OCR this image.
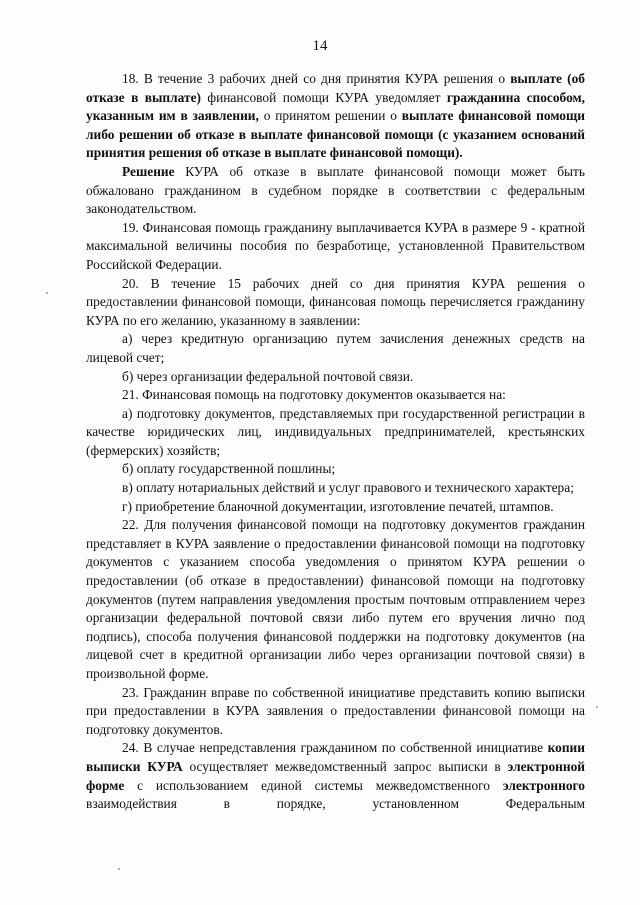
14

18. В течение 3 рабочих дней со дня принятия КУРА решения о выплате (об отказе в выплате) финансовой помощи КУРА уведомляет гражданина способом, указанным им в заявлении, о принятом решении о выплате финансовой помощи либо решении об отказе в выплате финансовой помощи (с указанием оснований принятия решения об отказе в выплате финансовой помощи).

Решение КУРА об отказе в выплате финансовой помощи может быть обжаловано гражданином в судебном порядке в соответствии с федеральным законодательством.

19. Финансовая помощь гражданину выплачивается КУРА в размере 9 - кратной максимальной величины пособия по безработице, установленной Правительством Российской Федерации.

20. В течение 15 рабочих дней со дня принятия КУРА решения о предоставлении финансовой помощи, финансовая помощь перечисляется гражданину КУРА по его желанию, указанному в заявлении:

а) через кредитную организацию путем зачисления денежных средств на лицевой счет;

б) через организации федеральной почтовой связи.

21. Финансовая помощь на подготовку документов оказывается на:

а) подготовку документов, представляемых при государственной регистрации в качестве юридических лиц, индивидуальных предпринимателей, крестьянских (фермерских) хозяйств;

б) оплату государственной пошлины;

в) оплату нотариальных действий и услуг правового и технического характера;

г) приобретение бланочной документации, изготовление печатей, штампов.

22. Для получения финансовой помощи на подготовку документов гражданин представляет в КУРА заявление о предоставлении финансовой помощи на подготовку документов с указанием способа уведомления о принятом КУРА решении о предоставлении (об отказе в предоставлении) финансовой помощи на подготовку документов (путем направления уведомления простым почтовым отправлением через организации федеральной почтовой связи либо путем его вручения лично под подпись), способа получения финансовой поддержки на подготовку документов (на лицевой счет в кредитной организации либо через организации почтовой связи) в произвольной форме.

23. Гражданин вправе по собственной инициативе представить копию выписки при предоставлении в КУРА заявления о предоставлении финансовой помощи на подготовку документов.

24. В случае непредставления гражданином по собственной инициативе копии выписки КУРА осуществляет межведомственный запрос выписки в электронной форме с использованием единой системы межведомственного электронного взаимодействия в порядке, установленном Федеральным
